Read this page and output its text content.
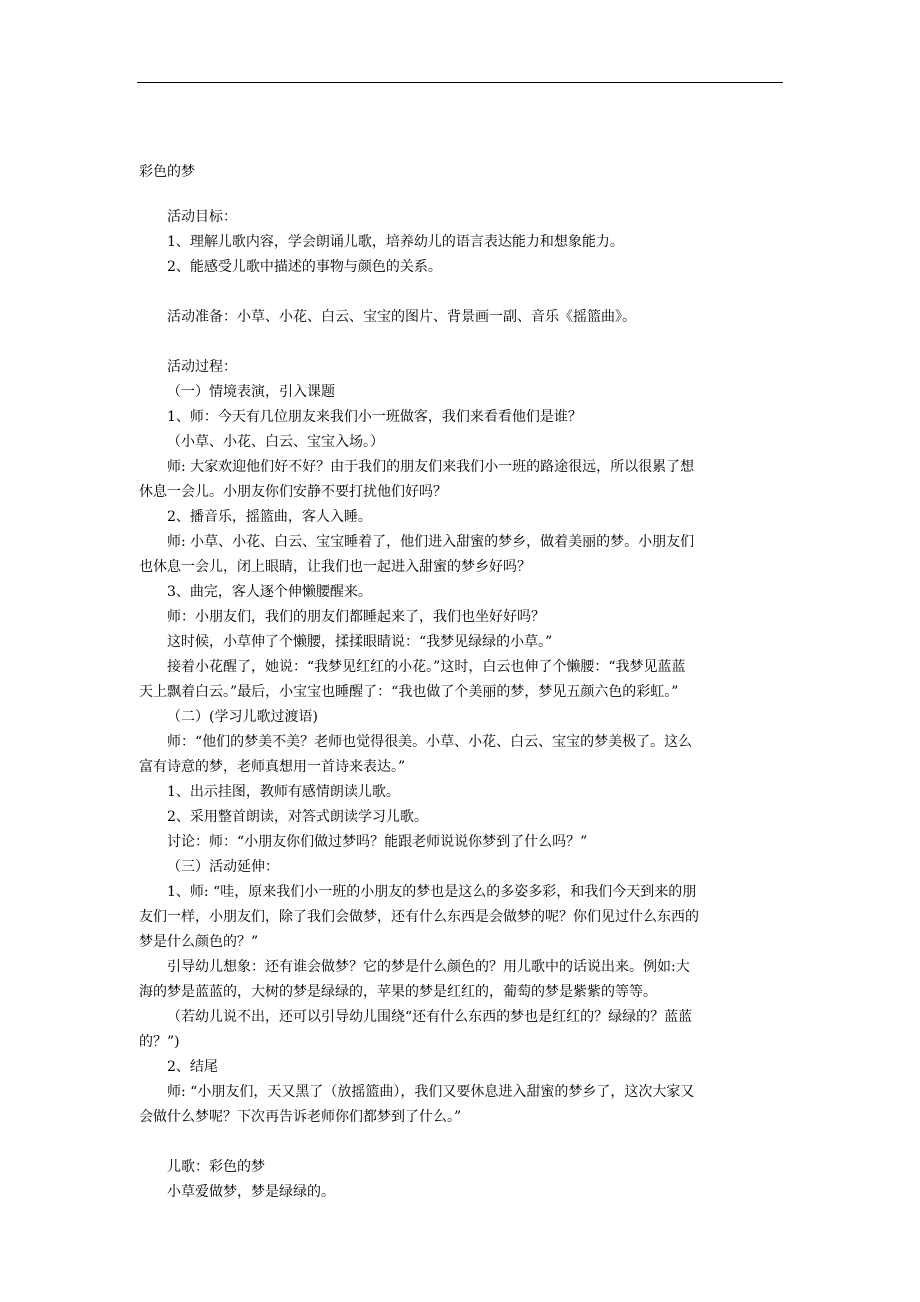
彩色的梦

活动目标：

1、理解儿歌内容，学会朗诵儿歌，培养幼儿的语言表达能力和想象能力。

2、能感受儿歌中描述的事物与颜色的关系。

活动准备：小草、小花、白云、宝宝的图片、背景画一副、音乐《摇篮曲》。

活动过程：

（一）情境表演，引入课题

1、师：今天有几位朋友来我们小一班做客，我们来看看他们是谁？

（小草、小花、白云、宝宝入场。）

师: 大家欢迎他们好不好？由于我们的朋友们来我们小一班的路途很远，所以很累了想

休息一会儿。小朋友你们安静不要打扰他们好吗？

2、播音乐，摇篮曲，客人入睡。

师: 小草、小花、白云、宝宝睡着了，他们进入甜蜜的梦乡，做着美丽的梦。小朋友们

也休息一会儿，闭上眼睛，让我们也一起进入甜蜜的梦乡好吗？

3、曲完，客人逐个伸懒腰醒来。

师：小朋友们，我们的朋友们都睡起来了，我们也坐好好吗？

这时候，小草伸了个懒腰，揉揉眼睛说：“我梦见绿绿的小草。”

接着小花醒了，她说：“我梦见红红的小花。”这时，白云也伸了个懒腰：“我梦见蓝蓝

天上飘着白云。”最后，小宝宝也睡醒了：“我也做了个美丽的梦，梦见五颜六色的彩虹。”

（二）(学习儿歌过渡语)

师：“他们的梦美不美？老师也觉得很美。小草、小花、白云、宝宝的梦美极了。这么

富有诗意的梦，老师真想用一首诗来表达。”

1、出示挂图，教师有感情朗读儿歌。

2、采用整首朗读，对答式朗读学习儿歌。

讨论：师：“小朋友你们做过梦吗？能跟老师说说你梦到了什么吗？”

（三）活动延伸：

1、师: “哇，原来我们小一班的小朋友的梦也是这么的多姿多彩，和我们今天到来的朋

友们一样，小朋友们，除了我们会做梦，还有什么东西是会做梦的呢？你们见过什么东西的

梦是什么颜色的？”

引导幼儿想象：还有谁会做梦？它的梦是什么颜色的？用儿歌中的话说出来。例如:大

海的梦是蓝蓝的，大树的梦是绿绿的，苹果的梦是红红的，葡萄的梦是紫紫的等等。

（若幼儿说不出，还可以引导幼儿围绕“还有什么东西的梦也是红红的？绿绿的？蓝蓝

的？”)

2、结尾

师: “小朋友们，天又黑了（放摇篮曲），我们又要休息进入甜蜜的梦乡了，这次大家又

会做什么梦呢？下次再告诉老师你们都梦到了什么。”

儿歌：彩色的梦

小草爱做梦，梦是绿绿的。
